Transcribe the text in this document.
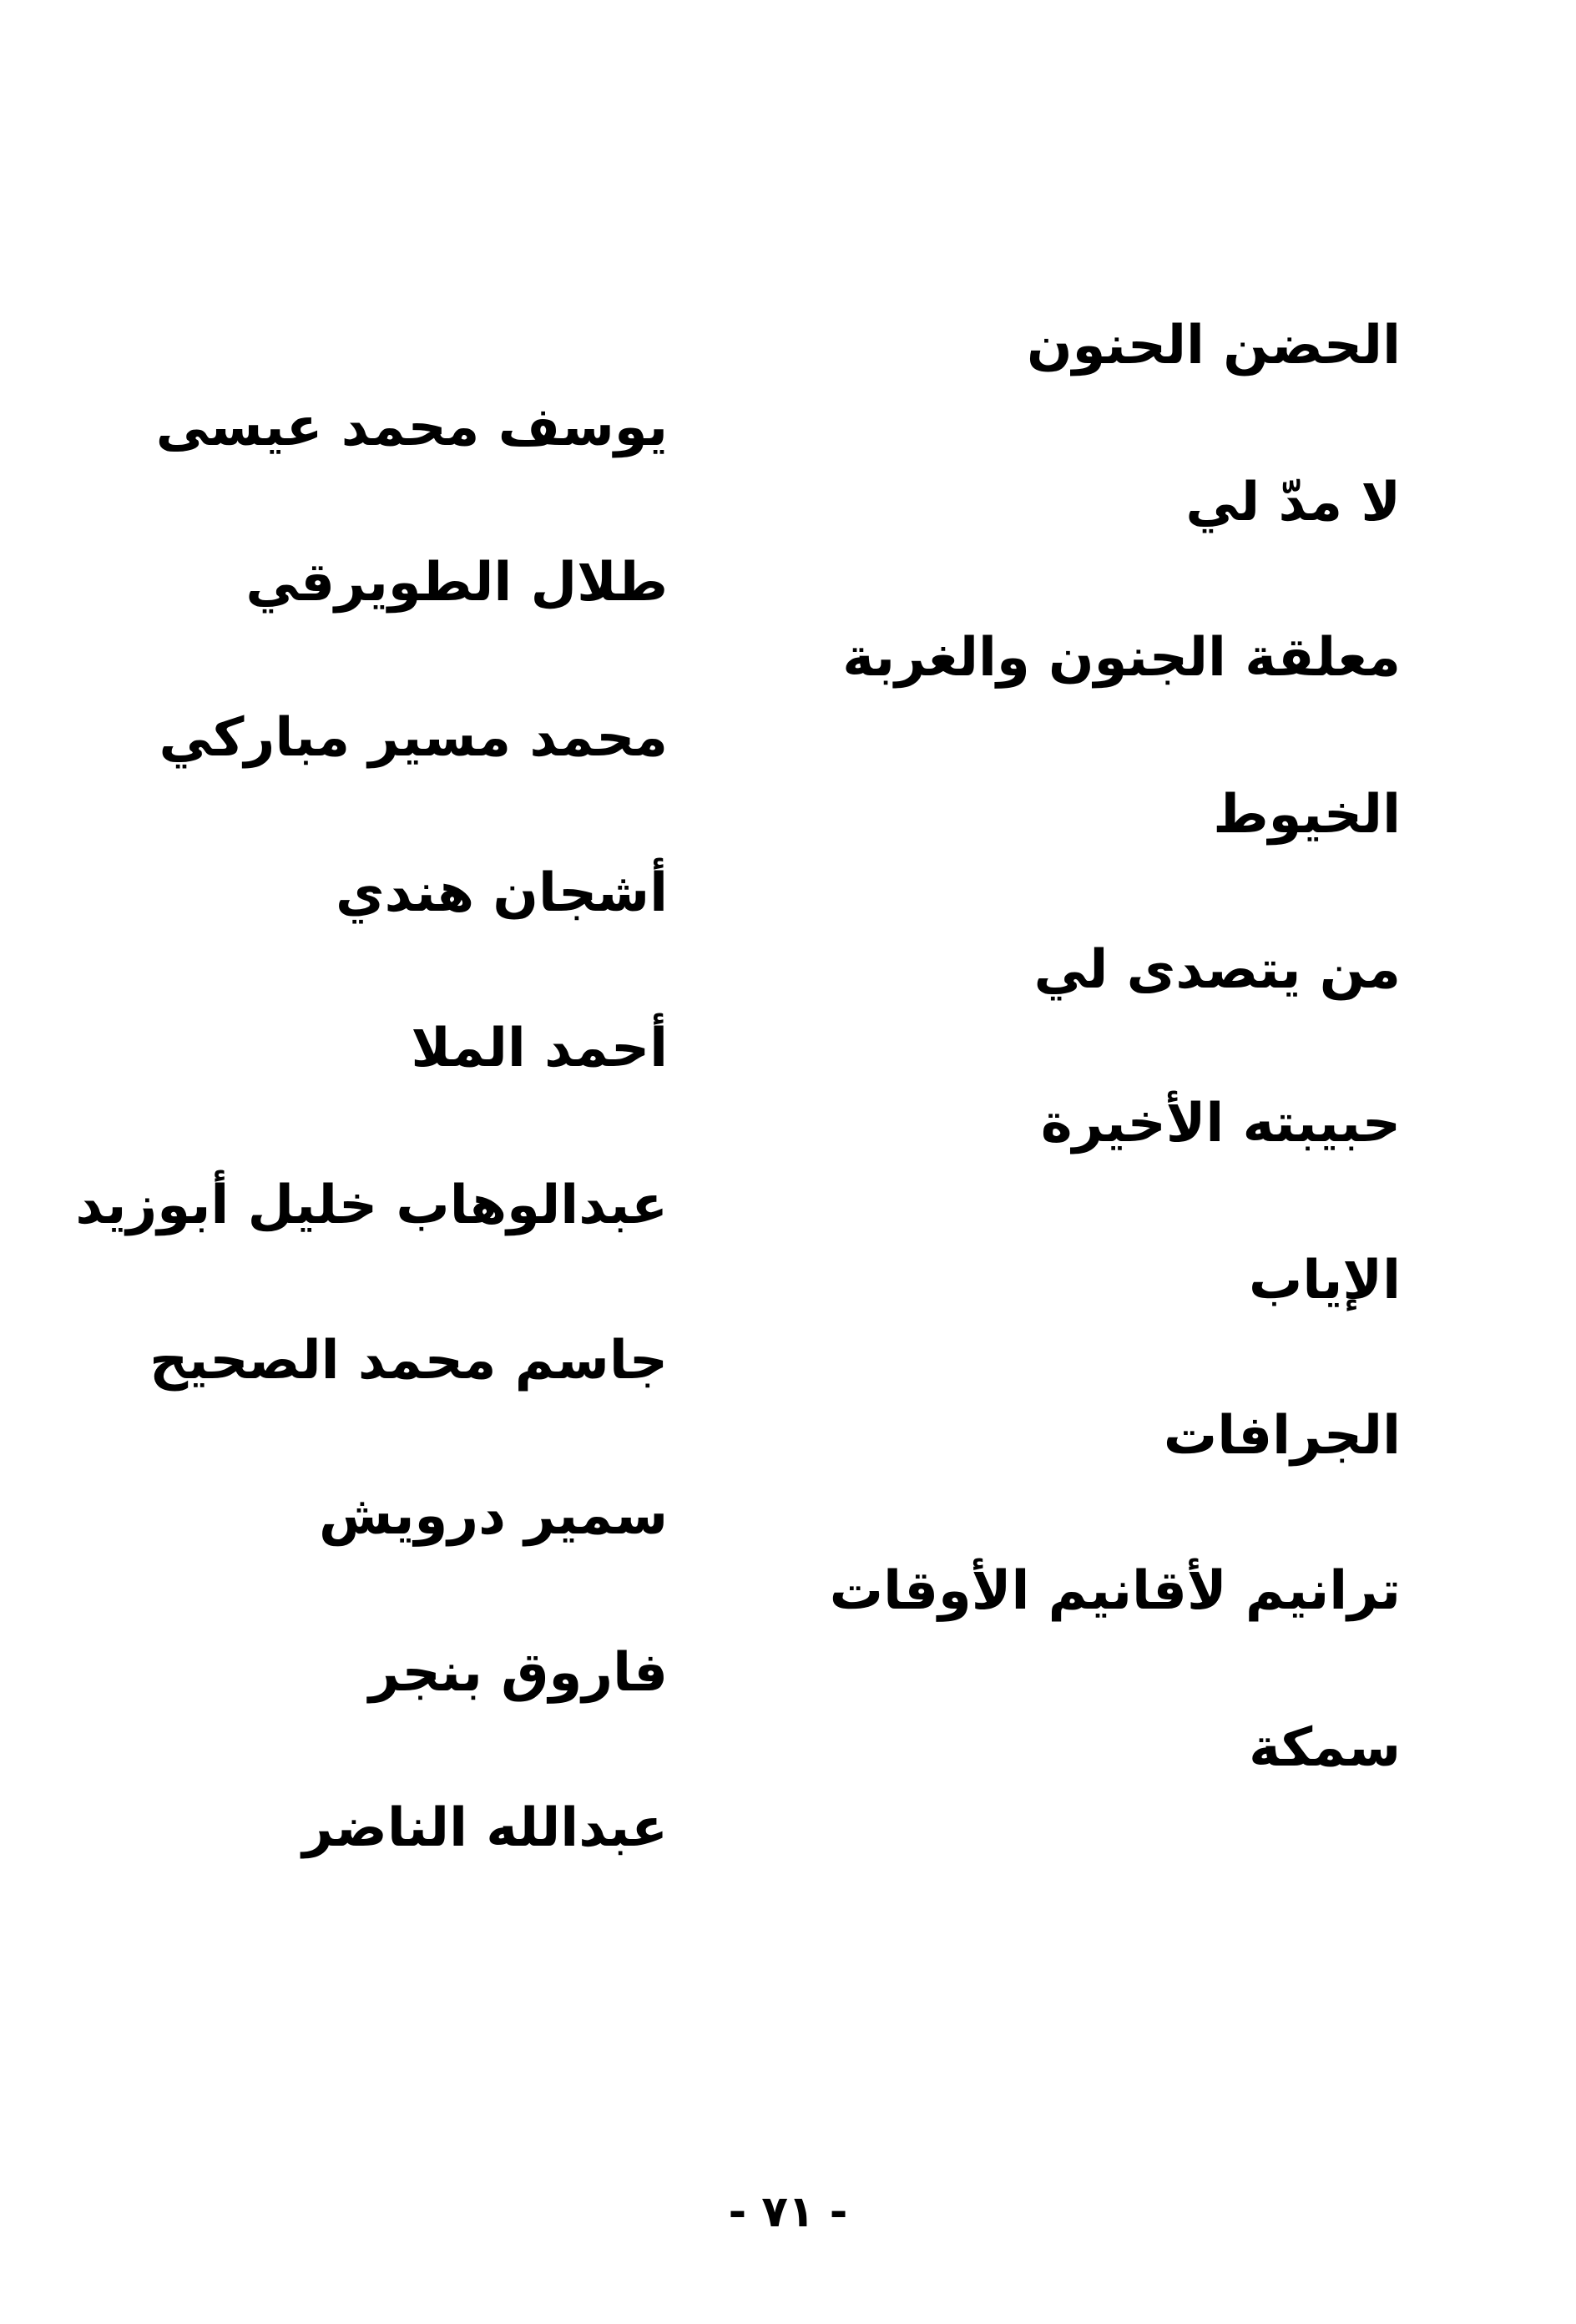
الحضن الحنون
يوسف محمد عيسى
لا مدّ لي
طلال الطويرقي
معلقة الجنون والغربة
محمد مسير مباركي
الخيوط
أشجان هندي
من يتصدى لي
أحمد الملا
حبيبته الأخيرة
عبدالوهاب خليل أبوزيد
الإياب
جاسم محمد الصحيح
الجرافات
سمير درويش
ترانيم لأقانيم الأوقات
فاروق بنجر
سمكة
عبدالله الناضر
- ٧١ -
